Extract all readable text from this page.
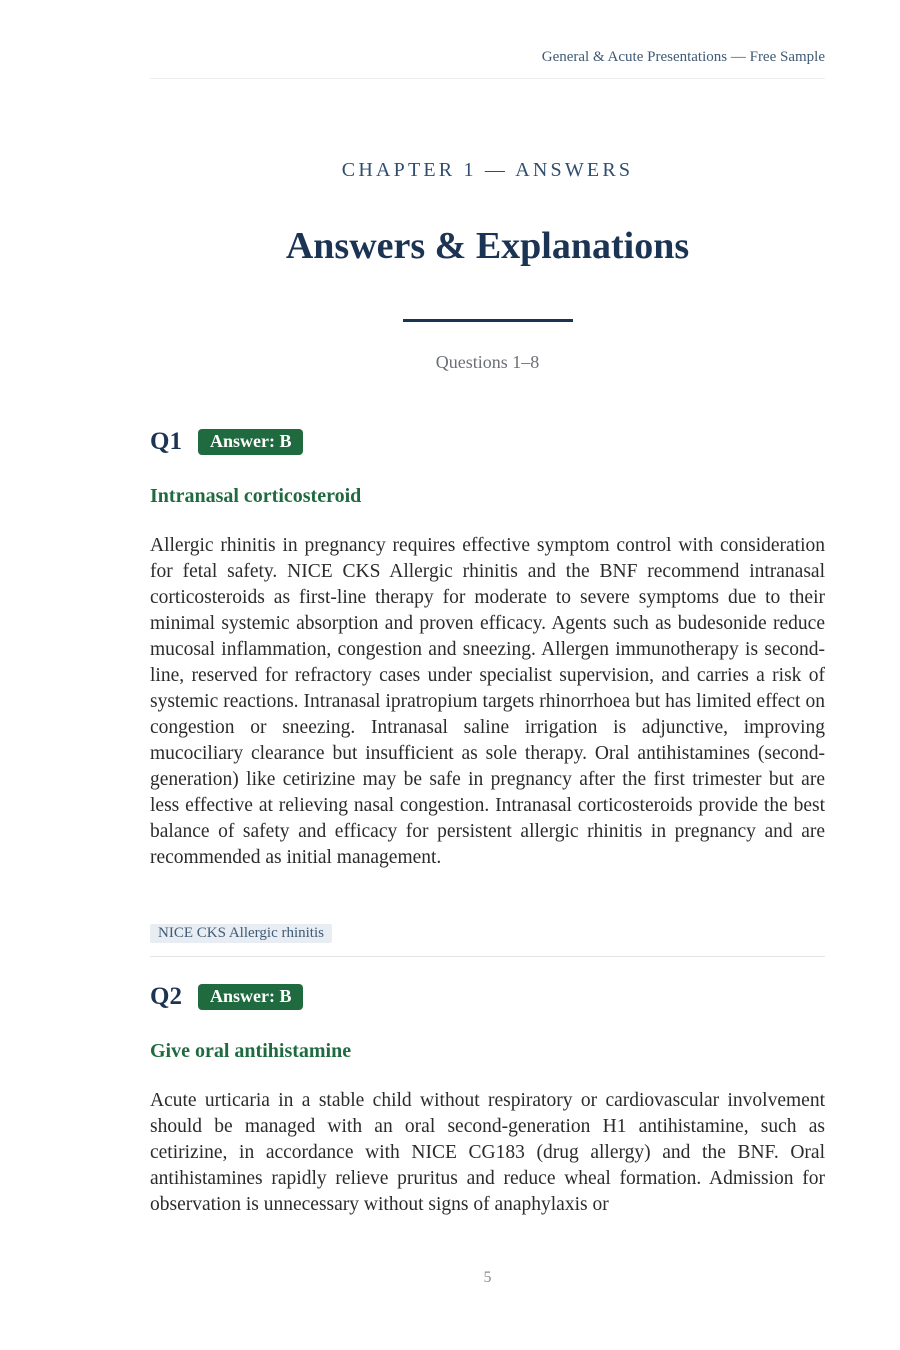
General & Acute Presentations — Free Sample
CHAPTER 1 — ANSWERS
Answers & Explanations
Questions 1–8
Q1	Answer: B
Intranasal corticosteroid

Allergic rhinitis in pregnancy requires effective symptom control with consideration for fetal safety. NICE CKS Allergic rhinitis and the BNF recommend intranasal corticosteroids as first-line therapy for moderate to severe symptoms due to their minimal systemic absorption and proven efficacy. Agents such as budesonide reduce mucosal inflammation, congestion and sneezing. Allergen immunotherapy is second-line, reserved for refractory cases under specialist supervision, and carries a risk of systemic reactions. Intranasal ipratropium targets rhinorrhoea but has limited effect on congestion or sneezing. Intranasal saline irrigation is adjunctive, improving mucociliary clearance but insufficient as sole therapy. Oral antihistamines (second-generation) like cetirizine may be safe in pregnancy after the first trimester but are less effective at relieving nasal congestion. Intranasal corticosteroids provide the best balance of safety and efficacy for persistent allergic rhinitis in pregnancy and are recommended as initial management.

NICE CKS Allergic rhinitis
Q2	Answer: B
Give oral antihistamine

Acute urticaria in a stable child without respiratory or cardiovascular involvement should be managed with an oral second-generation H1 antihistamine, such as cetirizine, in accordance with NICE CG183 (drug allergy) and the BNF. Oral antihistamines rapidly relieve pruritus and reduce wheal formation. Admission for observation is unnecessary without signs of anaphylaxis or

5
